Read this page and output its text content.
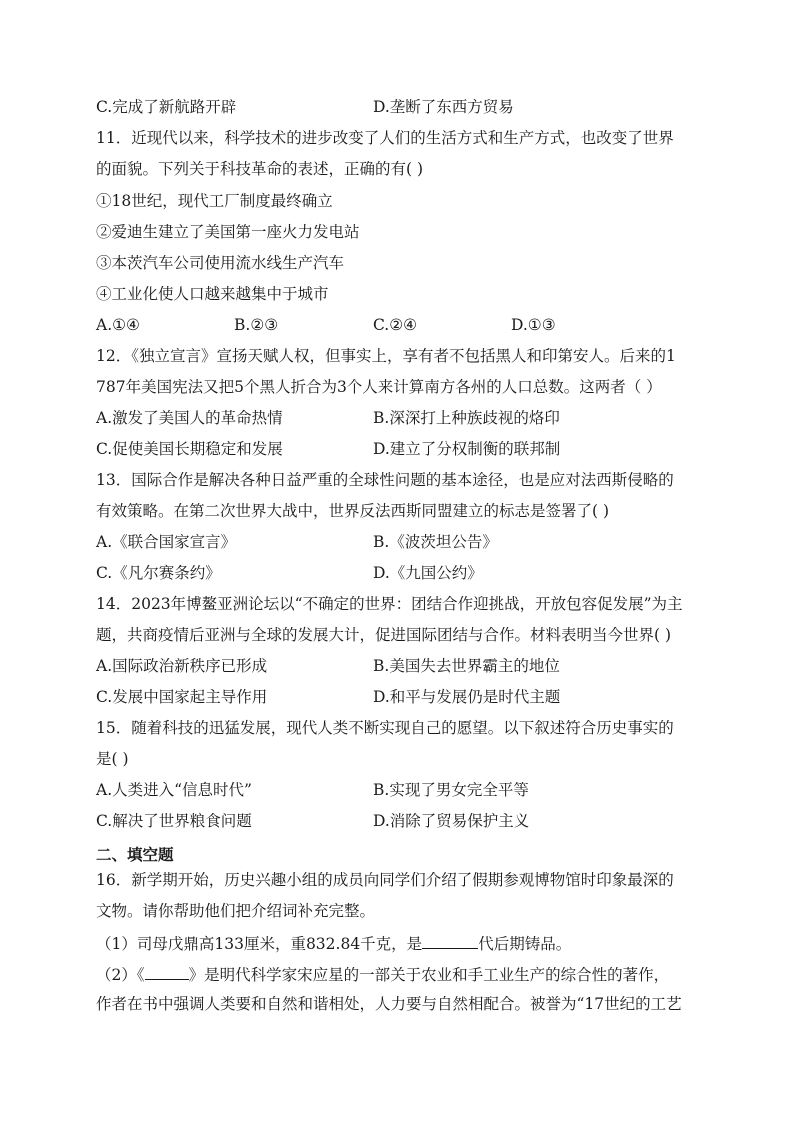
C.完成了新航路开辟	D.垄断了东西方贸易
11．近现代以来，科学技术的进步改变了人们的生活方式和生产方式，也改变了世界
的面貌。下列关于科技革命的表述，正确的有( )
①18世纪，现代工厂制度最终确立
②爱迪生建立了美国第一座火力发电站
③本茨汽车公司使用流水线生产汽车
④工业化使人口越来越集中于城市
A.①④	B.②③	C.②④	D.①③
12．《独立宣言》宣扬天赋人权，但事实上，享有者不包括黑人和印第安人。后来的1
787年美国宪法又把5个黑人折合为3个人来计算南方各州的人口总数。这两者（ ）
A.激发了美国人的革命热情	B.深深打上种族歧视的烙印
C.促使美国长期稳定和发展	D.建立了分权制衡的联邦制
13．国际合作是解决各种日益严重的全球性问题的基本途径，也是应对法西斯侵略的
有效策略。在第二次世界大战中，世界反法西斯同盟建立的标志是签署了( )
A.《联合国家宣言》	B.《波茨坦公告》
C.《凡尔赛条约》	D.《九国公约》
14．2023年博鳌亚洲论坛以“不确定的世界：团结合作迎挑战，开放包容促发展”为主
题，共商疫情后亚洲与全球的发展大计，促进国际团结与合作。材料表明当今世界( )
A.国际政治新秩序已形成	B.美国失去世界霸主的地位
C.发展中国家起主导作用	D.和平与发展仍是时代主题
15．随着科技的迅猛发展，现代人类不断实现自己的愿望。以下叙述符合历史事实的
是( )
A.人类进入“信息时代”	B.实现了男女完全平等
C.解决了世界粮食问题	D.消除了贸易保护主义
二、填空题
16．新学期开始，历史兴趣小组的成员向同学们介绍了假期参观博物馆时印象最深的
文物。请你帮助他们把介绍词补充完整。
（1）司母戊鼎高133厘米，重832.84千克，是	代后期铸品。
（2）《	》是明代科学家宋应星的一部关于农业和手工业生产的综合性的著作，
作者在书中强调人类要和自然和谐相处，人力要与自然相配合。被誉为“17世纪的工艺
